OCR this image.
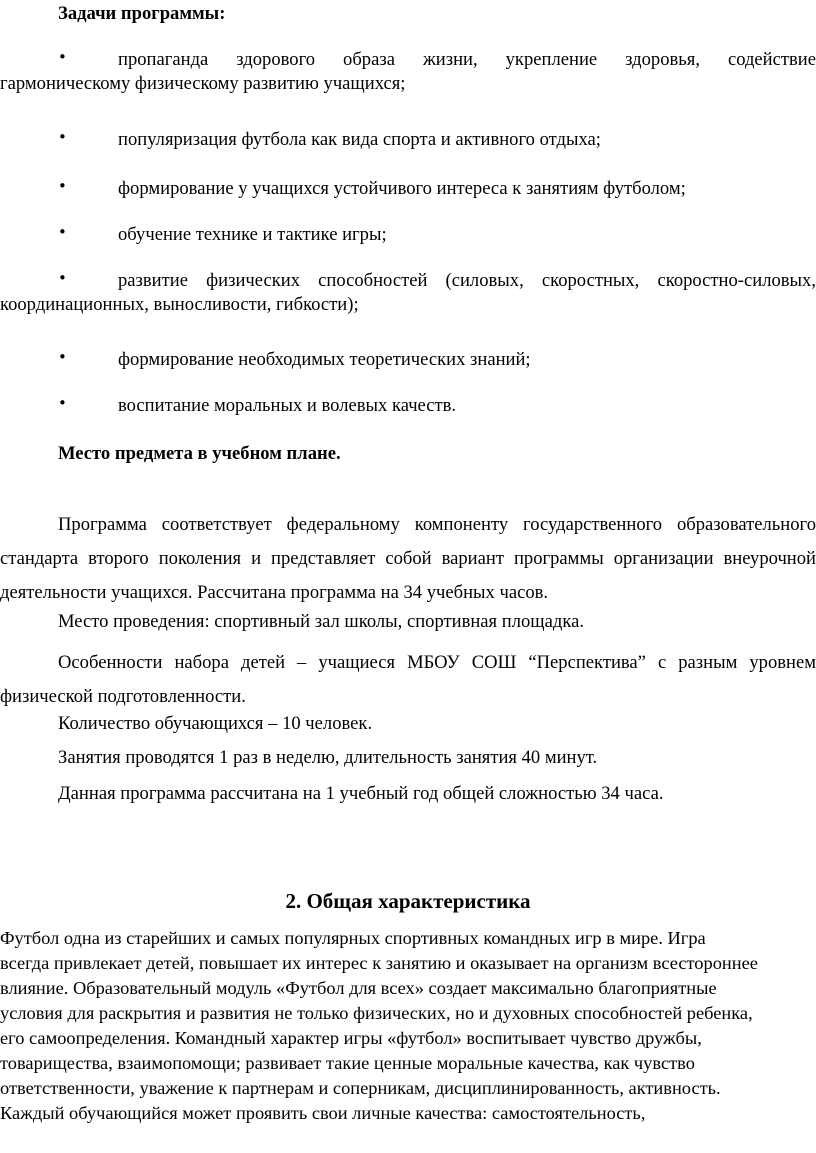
Задачи программы:
•	пропаганда здорового образа жизни, укрепление здоровья, содействие
гармоническому физическому развитию учащихся;
•	популяризация футбола как вида спорта и активного отдыха;
•	формирование у учащихся устойчивого интереса к занятиям футболом;
•	обучение технике и тактике игры;
•	развитие физических способностей (силовых, скоростных, скоростно-силовых,
координационных, выносливости, гибкости);
•	формирование необходимых теоретических знаний;
•	воспитание моральных и волевых качеств.
Место предмета в учебном плане.
Программа соответствует федеральному компоненту государственного образовательного
стандарта второго поколения и представляет собой вариант программы организации внеурочной
деятельности учащихся. Рассчитана программа на 34 учебных часов.
Место проведения: спортивный зал школы, спортивная площадка.
Особенности набора детей – учащиеся МБОУ СОШ “Перспектива” с разным уровнем
физической подготовленности.
Количество обучающихся – 10 человек.
Занятия проводятся 1 раз в неделю, длительность занятия 40 минут.
Данная программа рассчитана на 1 учебный год общей сложностью 34 часа.
2. Общая характеристика
Футбол одна из старейших и самых популярных спортивных командных игр в мире. Игра
всегда привлекает детей, повышает их интерес к занятию и оказывает на организм всестороннее
влияние. Образовательный модуль «Футбол для всех» создает максимально благоприятные
условия для раскрытия и развития не только физических, но и духовных способностей ребенка,
его самоопределения. Командный характер игры «футбол» воспитывает чувство дружбы,
товарищества, взаимопомощи; развивает такие ценные моральные качества, как чувство
ответственности, уважение к партнерам и соперникам, дисциплинированность, активность.
Каждый обучающийся может проявить свои личные качества: самостоятельность,
